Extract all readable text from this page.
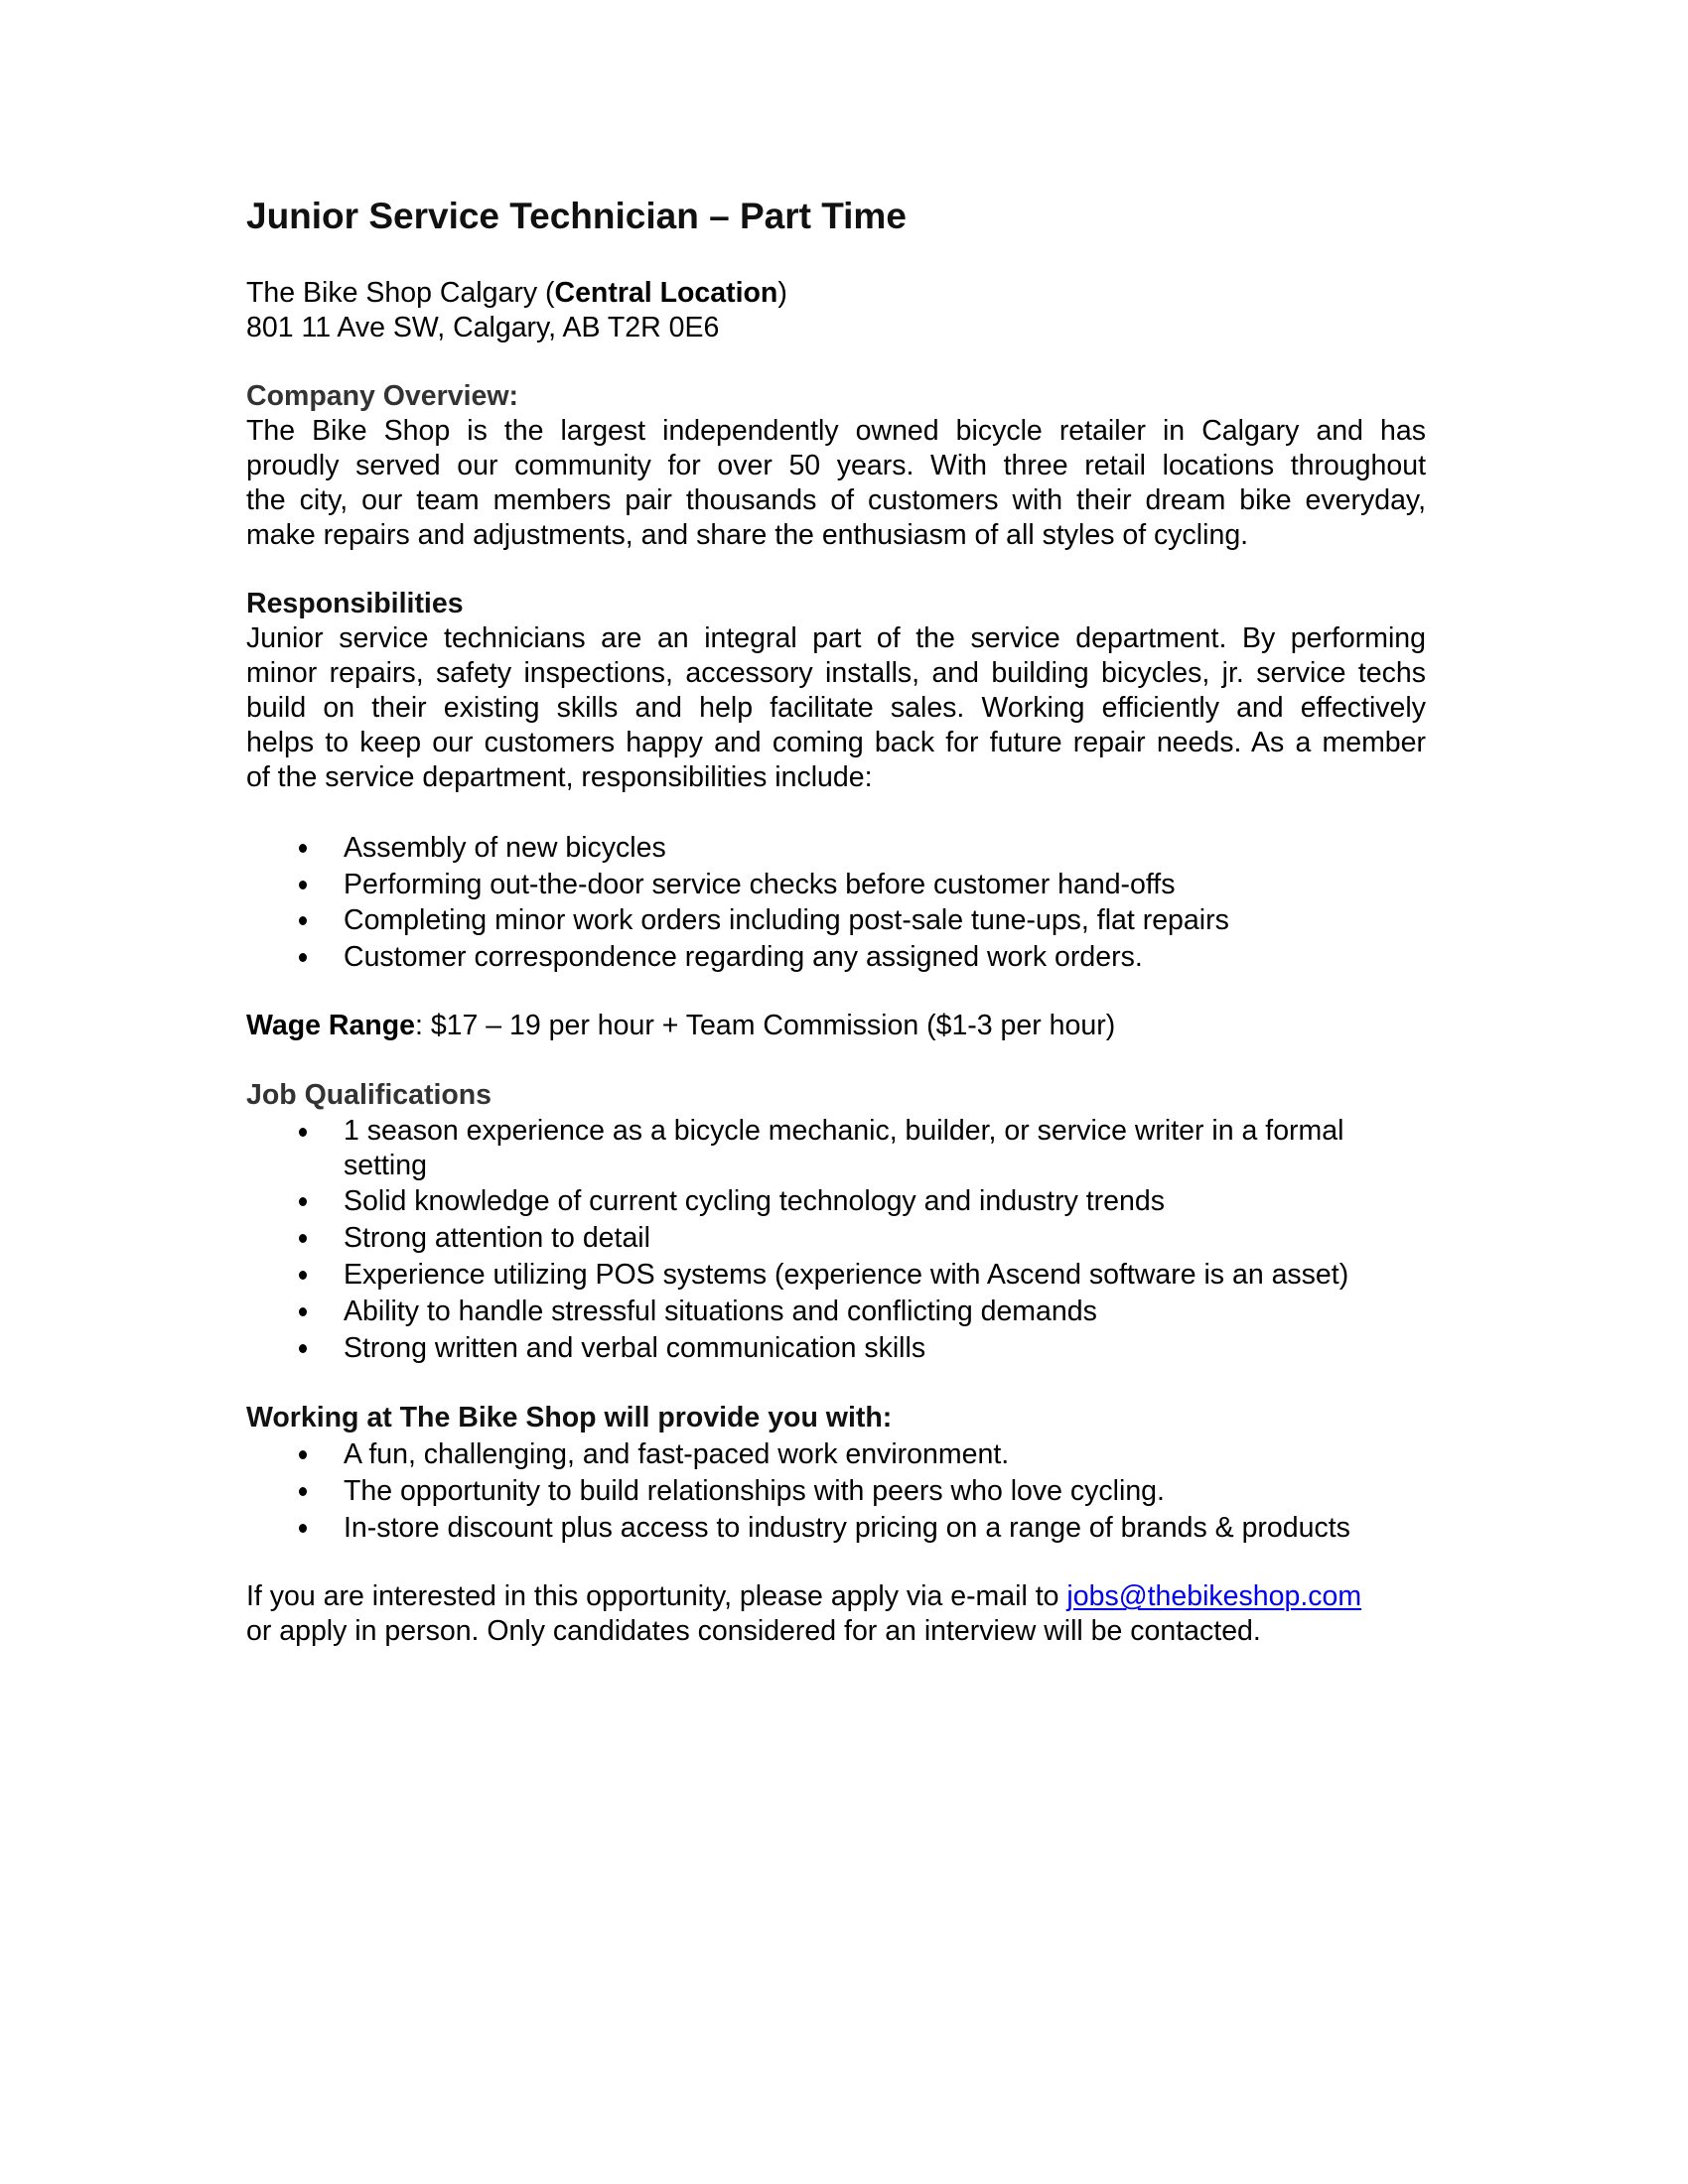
Junior Service Technician – Part Time
The Bike Shop Calgary (Central Location)
801 11 Ave SW, Calgary, AB T2R 0E6
Company Overview:
The Bike Shop is the largest independently owned bicycle retailer in Calgary and has
proudly served our community for over 50 years. With three retail locations throughout
the city, our team members pair thousands of customers with their dream bike everyday,
make repairs and adjustments, and share the enthusiasm of all styles of cycling.
Responsibilities
Junior service technicians are an integral part of the service department. By performing
minor repairs, safety inspections, accessory installs, and building bicycles, jr. service techs
build on their existing skills and help facilitate sales. Working efficiently and effectively
helps to keep our customers happy and coming back for future repair needs. As a member
of the service department, responsibilities include:
Assembly of new bicycles
Performing out-the-door service checks before customer hand-offs
Completing minor work orders including post-sale tune-ups, flat repairs
Customer correspondence regarding any assigned work orders.
Wage Range: $17 – 19 per hour + Team Commission ($1-3 per hour)
Job Qualifications
1 season experience as a bicycle mechanic, builder, or service writer in a formal setting
Solid knowledge of current cycling technology and industry trends
Strong attention to detail
Experience utilizing POS systems (experience with Ascend software is an asset)
Ability to handle stressful situations and conflicting demands
Strong written and verbal communication skills
Working at The Bike Shop will provide you with:
A fun, challenging, and fast-paced work environment.
The opportunity to build relationships with peers who love cycling.
In-store discount plus access to industry pricing on a range of brands & products
If you are interested in this opportunity, please apply via e-mail to jobs@thebikeshop.com
or apply in person. Only candidates considered for an interview will be contacted.
